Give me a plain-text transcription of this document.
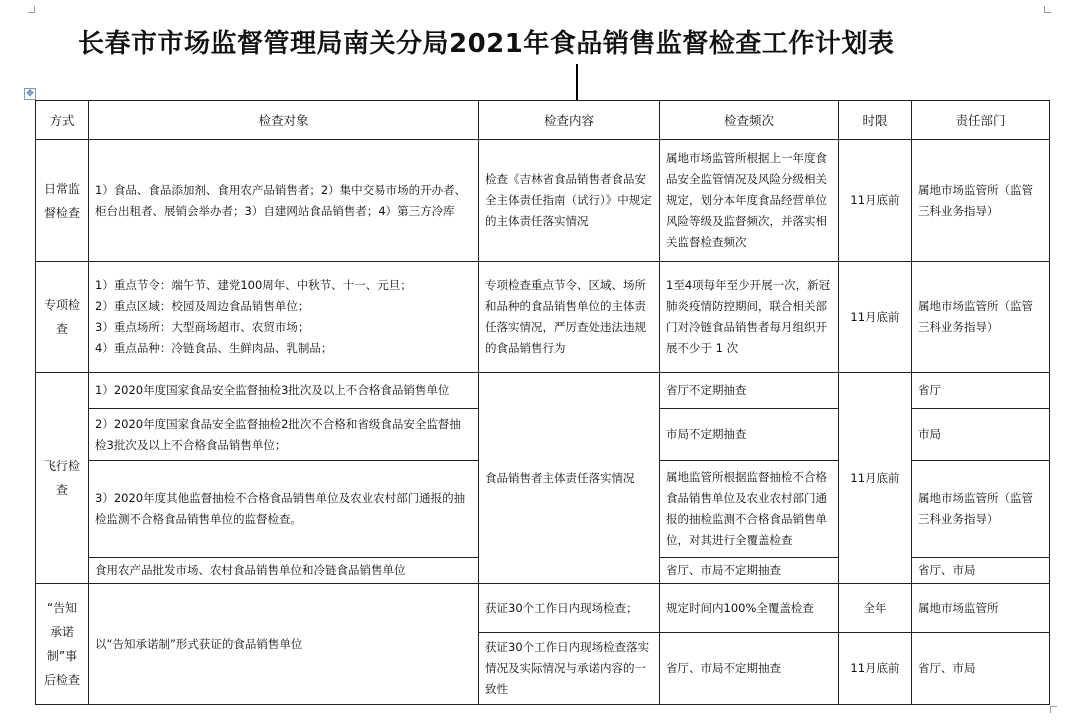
长春市市场监督管理局南关分局2021年食品销售监督检查工作计划表
✥
方式	检查对象	检查内容	检查频次	时限	责任部门
日常监督检查	1）食品、食品添加剂、食用农产品销售者；2）集中交易市场的开办者、柜台出租者、展销会举办者；3）自建网站食品销售者；4）第三方冷库	检查《吉林省食品销售者食品安全主体责任指南（试行）》中规定的主体责任落实情况	属地市场监管所根据上一年度食品安全监管情况及风险分级相关规定，划分本年度食品经营单位风险等级及监督频次，并落实相关监督检查频次	11月底前	属地市场监管所（监管三科业务指导）
专项检查	1）重点节令：端午节、建党100周年、中秋节、十一、元旦；
2）重点区域：校园及周边食品销售单位；
3）重点场所：大型商场超市、农贸市场；
4）重点品种：冷链食品、生鲜肉品、乳制品；	专项检查重点节令、区域、场所和品种的食品销售单位的主体责任落实情况，严厉查处违法违规的食品销售行为	1至4项每年至少开展一次，新冠肺炎疫情防控期间，联合相关部门对冷链食品销售者每月组织开展不少于 1 次	11月底前	属地市场监管所（监管三科业务指导）
飞行检查	1）2020年度国家食品安全监督抽检3批次及以上不合格食品销售单位	食品销售者主体责任落实情况	省厅不定期抽查	11月底前	省厅
	2）2020年度国家食品安全监督抽检2批次不合格和省级食品安全监督抽检3批次及以上不合格食品销售单位；		市局不定期抽查		市局
	3）2020年度其他监督抽检不合格食品销售单位及农业农村部门通报的抽检监测不合格食品销售单位的监督检查。		属地监管所根据监督抽检不合格食品销售单位及农业农村部门通报的抽检监测不合格食品销售单位，对其进行全覆盖检查		属地市场监管所（监管三科业务指导）
	食用农产品批发市场、农村食品销售单位和冷链食品销售单位		省厅、市局不定期抽查		省厅、市局
“告知承诺制”事后检查	以“告知承诺制”形式获证的食品销售单位	获证30个工作日内现场检查；	规定时间内100%全覆盖检查	全年	属地市场监管所
		获证30个工作日内现场检查落实情况及实际情况与承诺内容的一致性	省厅、市局不定期抽查	11月底前	省厅、市局
